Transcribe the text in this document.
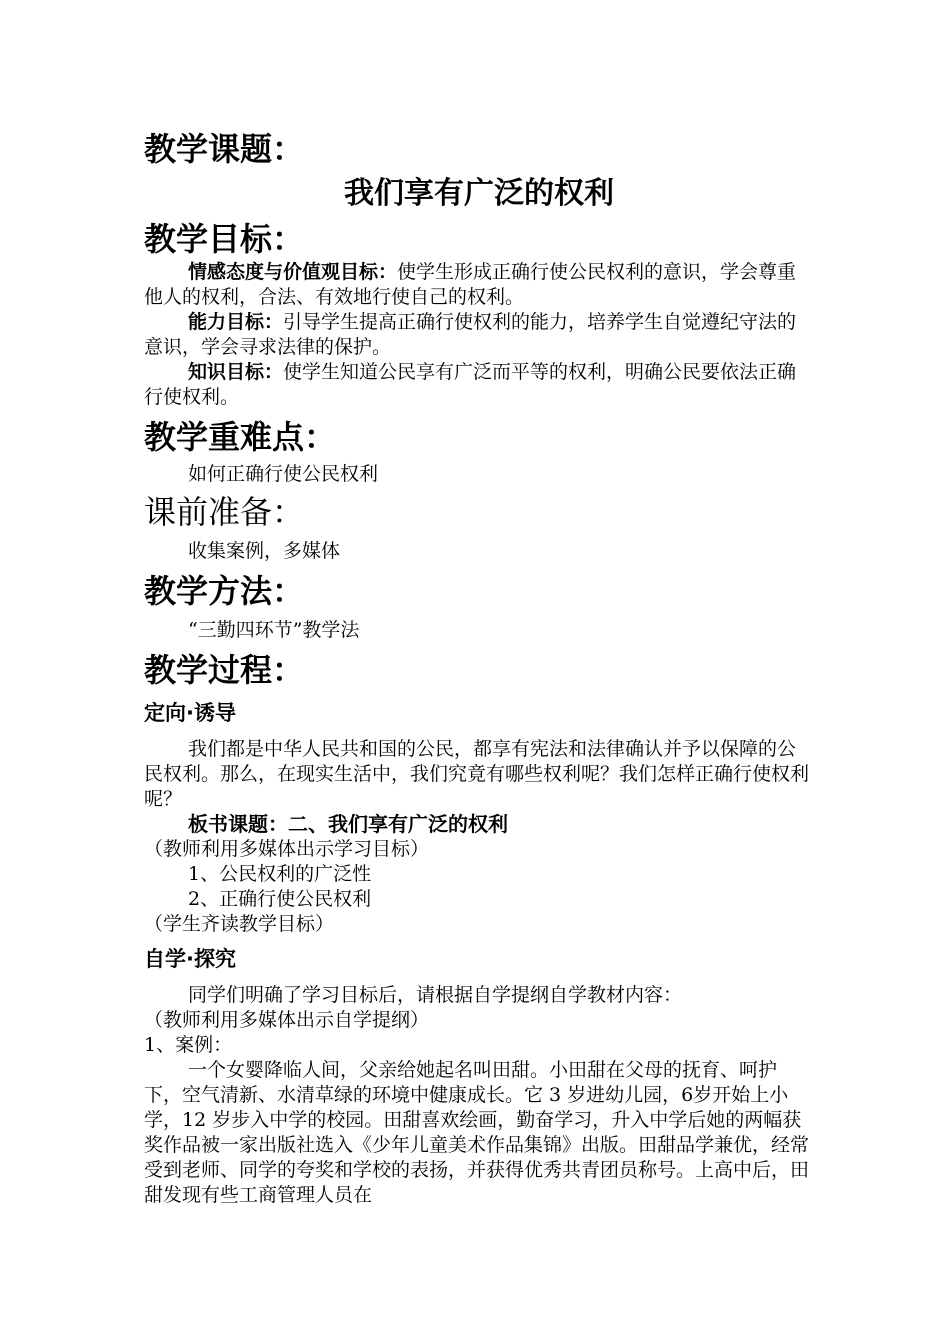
教学课题：
我们享有广泛的权利
教学目标：

情感态度与价值观目标：使学生形成正确行使公民权利的意识，学会尊重他人的权利，合法、有效地行使自己的权利。

能力目标：引导学生提高正确行使权利的能力，培养学生自觉遵纪守法的意识，学会寻求法律的保护。

知识目标：使学生知道公民享有广泛而平等的权利，明确公民要依法正确行使权利。

教学重难点：

如何正确行使公民权利

课前准备：

收集案例，多媒体

教学方法：

“三勤四环节”教学法

教学过程：
定向·诱导

我们都是中华人民共和国的公民，都享有宪法和法律确认并予以保障的公民权利。那么，在现实生活中，我们究竟有哪些权利呢？我们怎样正确行使权利呢？

板书课题：二、我们享有广泛的权利

（教师利用多媒体出示学习目标）

1、公民权利的广泛性

2、正确行使公民权利

（学生齐读教学目标）

自学·探究

同学们明确了学习目标后，请根据自学提纲自学教材内容：

（教师利用多媒体出示自学提纲）

1、案例：

一个女婴降临人间，父亲给她起名叫田甜。小田甜在父母的抚育、呵护下，空气清新、水清草绿的环境中健康成长。它 3 岁进幼儿园，6岁开始上小学，12 岁步入中学的校园。田甜喜欢绘画，勤奋学习，升入中学后她的两幅获奖作品被一家出版社选入《少年儿童美术作品集锦》出版。田甜品学兼优，经常受到老师、同学的夸奖和学校的表扬，并获得优秀共青团员称号。上高中后，田甜发现有些工商管理人员在
